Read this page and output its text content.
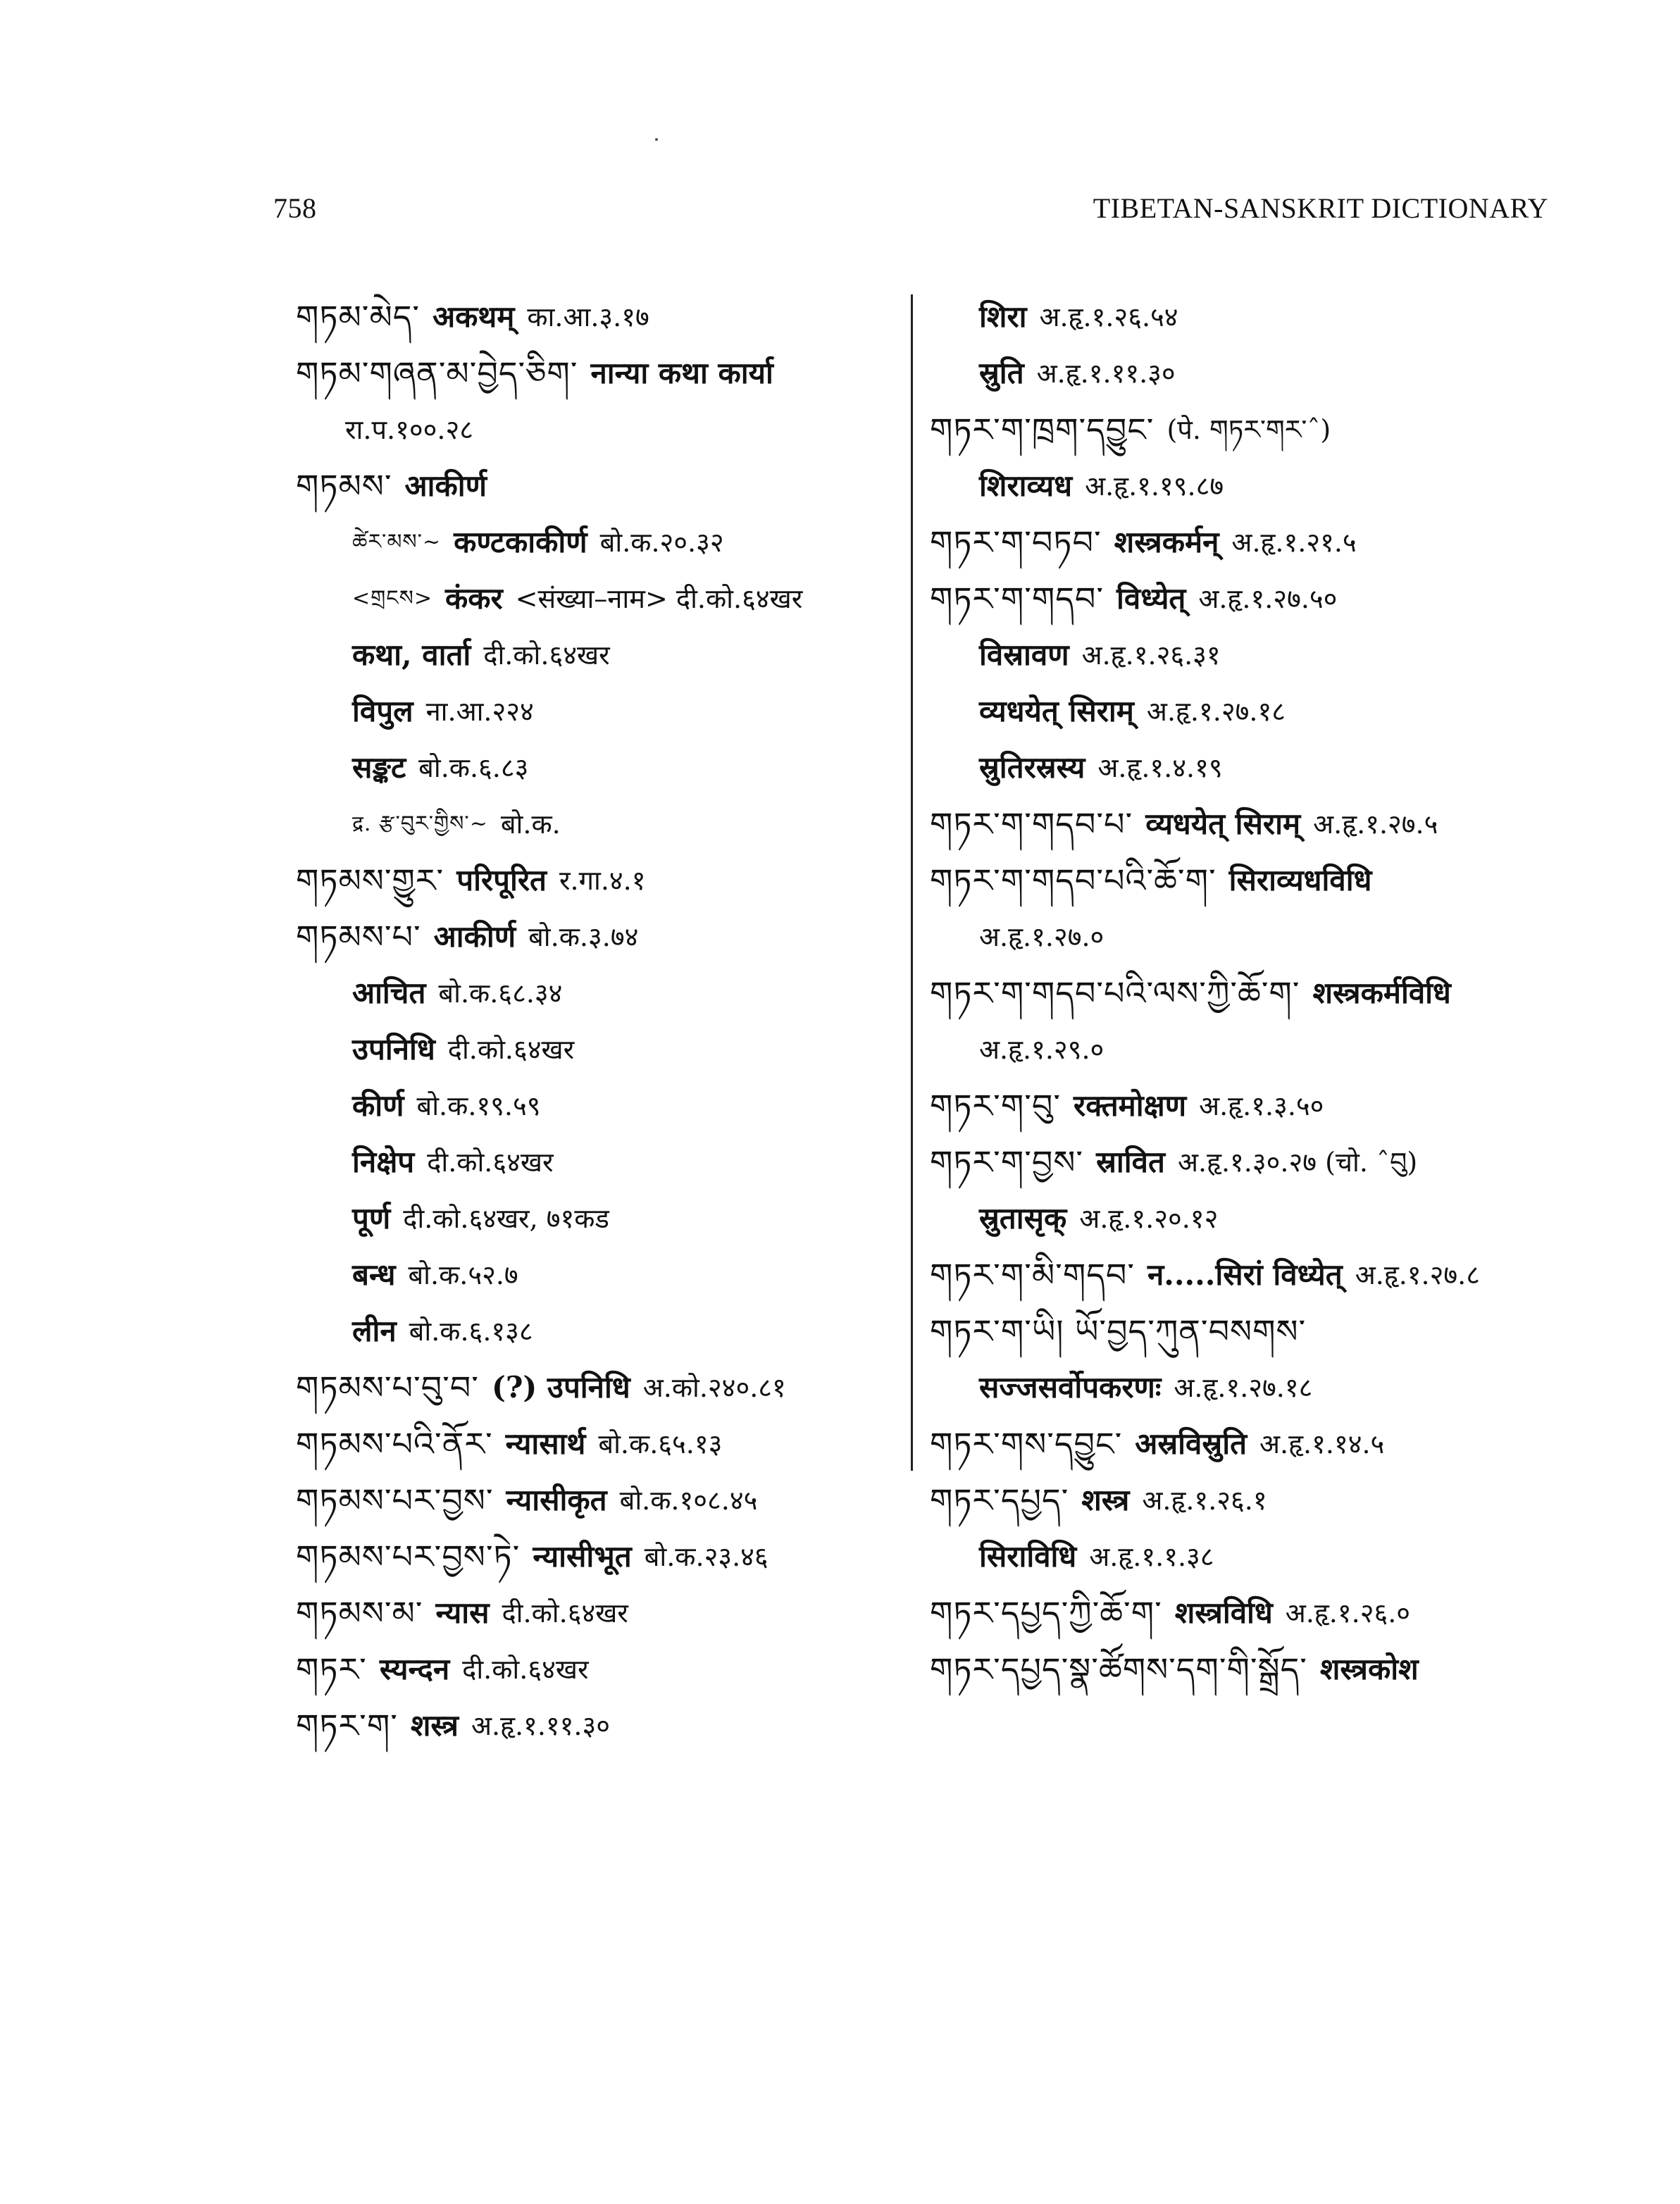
758	TIBETAN-SANSKRIT DICTIONARY
གཏམ་མེད་ अकथम् का.आ.३.१७
གཏམ་གཞན་མ་བྱེད་ཅིག་ नान्या कथा कार्या
रा.प.१००.२८
གཏམས་ आकीर्ण
ཚེར་མས་~ कण्टकाकीर्ण बो.क.२०.३२
<གྲངས> कंकर <संख्या–नाम> दी.को.६४खर
कथा, वार्ता दी.को.६४खर
विपुल ना.आ.२२४
सङ्कट बो.क.६.८३
द्र. རྩ་བུར་གྱིས་~ बो.क.
གཏམས་གྱུར་ परिपूरित र.गा.४.१
གཏམས་པ་ आकीर्ण बो.क.३.७४
आचित बो.क.६८.३४
उपनिधि दी.को.६४खर
कीर्ण बो.क.१९.५९
निक्षेप दी.को.६४खर
पूर्ण दी.को.६४खर, ७१कड
बन्ध बो.क.५२.७
लीन बो.क.६.१३८
གཏམས་པ་བུ་བ་ (?) उपनिधि अ.को.२४०.८१
གཏམས་པའི་ནོར་ न्यासार्थ बो.क.६५.१३
གཏམས་པར་བྱས་ न्यासीकृत बो.क.१०८.४५
གཏམས་པར་བྱས་ཏེ་ न्यासीभूत बो.क.२३.४६
གཏམས་མ་ न्यास दी.को.६४खर
གཏར་ स्यन्दन दी.को.६४खर
གཏར་ག་ शस्त्र अ.हृ.१.११.३०
शिरा अ.हृ.१.२६.५४
स्रुति अ.हृ.१.११.३०
གཏར་ག་ཁྲག་དབྱུང་ (पे. གཏར་གར་ˆ)
शिराव्यध अ.हृ.१.१९.८७
གཏར་ག་བཏབ་ शस्त्रकर्मन् अ.हृ.१.२१.५
གཏར་ག་གདབ་ विध्येत् अ.हृ.१.२७.५०
विस्रावण अ.हृ.१.२६.३१
व्यधयेत् सिराम् अ.हृ.१.२७.१८
स्रुतिरस्रस्य अ.हृ.१.४.१९
གཏར་ག་གདབ་པ་ व्यधयेत् सिराम् अ.हृ.१.२७.५
གཏར་ག་གདབ་པའི་ཆོ་ག་ सिराव्यधविधि
अ.हृ.१.२७.०
གཏར་ག་གདབ་པའི་ལས་ཀྱི་ཆོ་ག་ शस्त्रकर्मविधि
अ.हृ.१.२९.०
གཏར་ག་བུ་ रक्तमोक्षण अ.हृ.१.३.५०
གཏར་ག་བྱས་ स्रावित अ.हृ.१.३०.२७ (चो. ˆབུ)
स्रुतासृक् अ.हृ.१.२०.१२
གཏར་ག་མི་གདབ་ न.....सिरां विध्येत् अ.हृ.१.२७.८
གཏར་ག་ཡི། ཡོ་བྱད་ཀུན་བསགས་
सज्जसर्वोपकरणः अ.हृ.१.२७.१८
གཏར་གས་དབྱུང་ अस्रविस्रुति अ.हृ.१.१४.५
གཏར་དཔྱད་ शस्त्र अ.हृ.१.२६.१
सिराविधि अ.हृ.१.१.३८
གཏར་དཔྱད་ཀྱི་ཆོ་ག་ शस्त्रविधि अ.हृ.१.२६.०
གཏར་དཔྱད་སྣ་ཚོགས་དག་གི་སྒྲོད་ शस्त्रकोश
